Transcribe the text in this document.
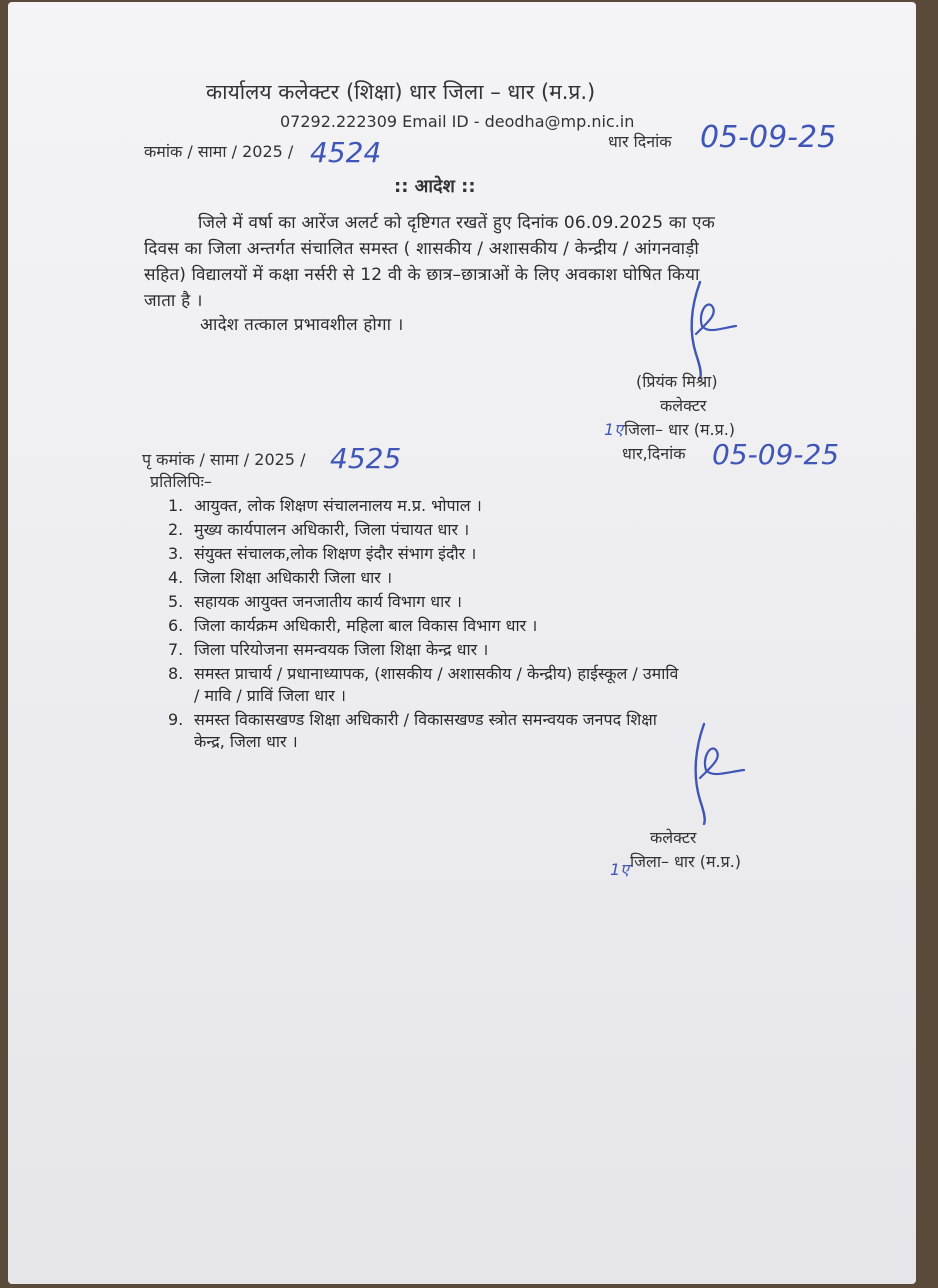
कार्यालय कलेक्टर (शिक्षा) धार जिला – धार (म.प्र.)
07292.222309 Email ID - deodha@mp.nic.in
कमांक / सामा / 2025 / 4524	धार दिनांक 05-09-25
:: आदेश ::
जिले में वर्षा का आरेंज अलर्ट को दृष्टिगत रखतें हुए दिनांक 06.09.2025 का एक
दिवस का जिला अन्तर्गत संचालित समस्त ( शासकीय / अशासकीय / केन्द्रीय / आंगनवाड़ी
सहित) विद्यालयों में कक्षा नर्सरी से 12 वी के छात्र–छात्राओं के लिए अवकाश घोषित किया
जाता है ।
आदेश तत्काल प्रभावशील होगा ।
(प्रियंक मिश्रा)
कलेक्टर
1ए जिला– धार (म.प्र.)
धार,दिनांक 05-09-25
पृ कमांक / सामा / 2025 / 4525
प्रतिलिपिः–
1. आयुक्त, लोक शिक्षण संचालनालय म.प्र. भोपाल ।
2. मुख्य कार्यपालन अधिकारी, जिला पंचायत धार ।
3. संयुक्त संचालक,लोक शिक्षण इंदौर संभाग इंदौर ।
4. जिला शिक्षा अधिकारी जिला धार ।
5. सहायक आयुक्त जनजातीय कार्य विभाग धार ।
6. जिला कार्यक्रम अधिकारी, महिला बाल विकास विभाग धार ।
7. जिला परियोजना समन्वयक जिला शिक्षा केन्द्र धार ।
8. समस्त प्राचार्य / प्रधानाध्यापक, (शासकीय / अशासकीय / केन्द्रीय) हाईस्कूल / उमावि
/ मावि / प्राविं जिला धार ।
9. समस्त विकासखण्ड शिक्षा अधिकारी / विकासखण्ड स्त्रोत समन्वयक जनपद शिक्षा
केन्द्र, जिला धार ।
कलेक्टर
1ए जिला– धार (म.प्र.)
